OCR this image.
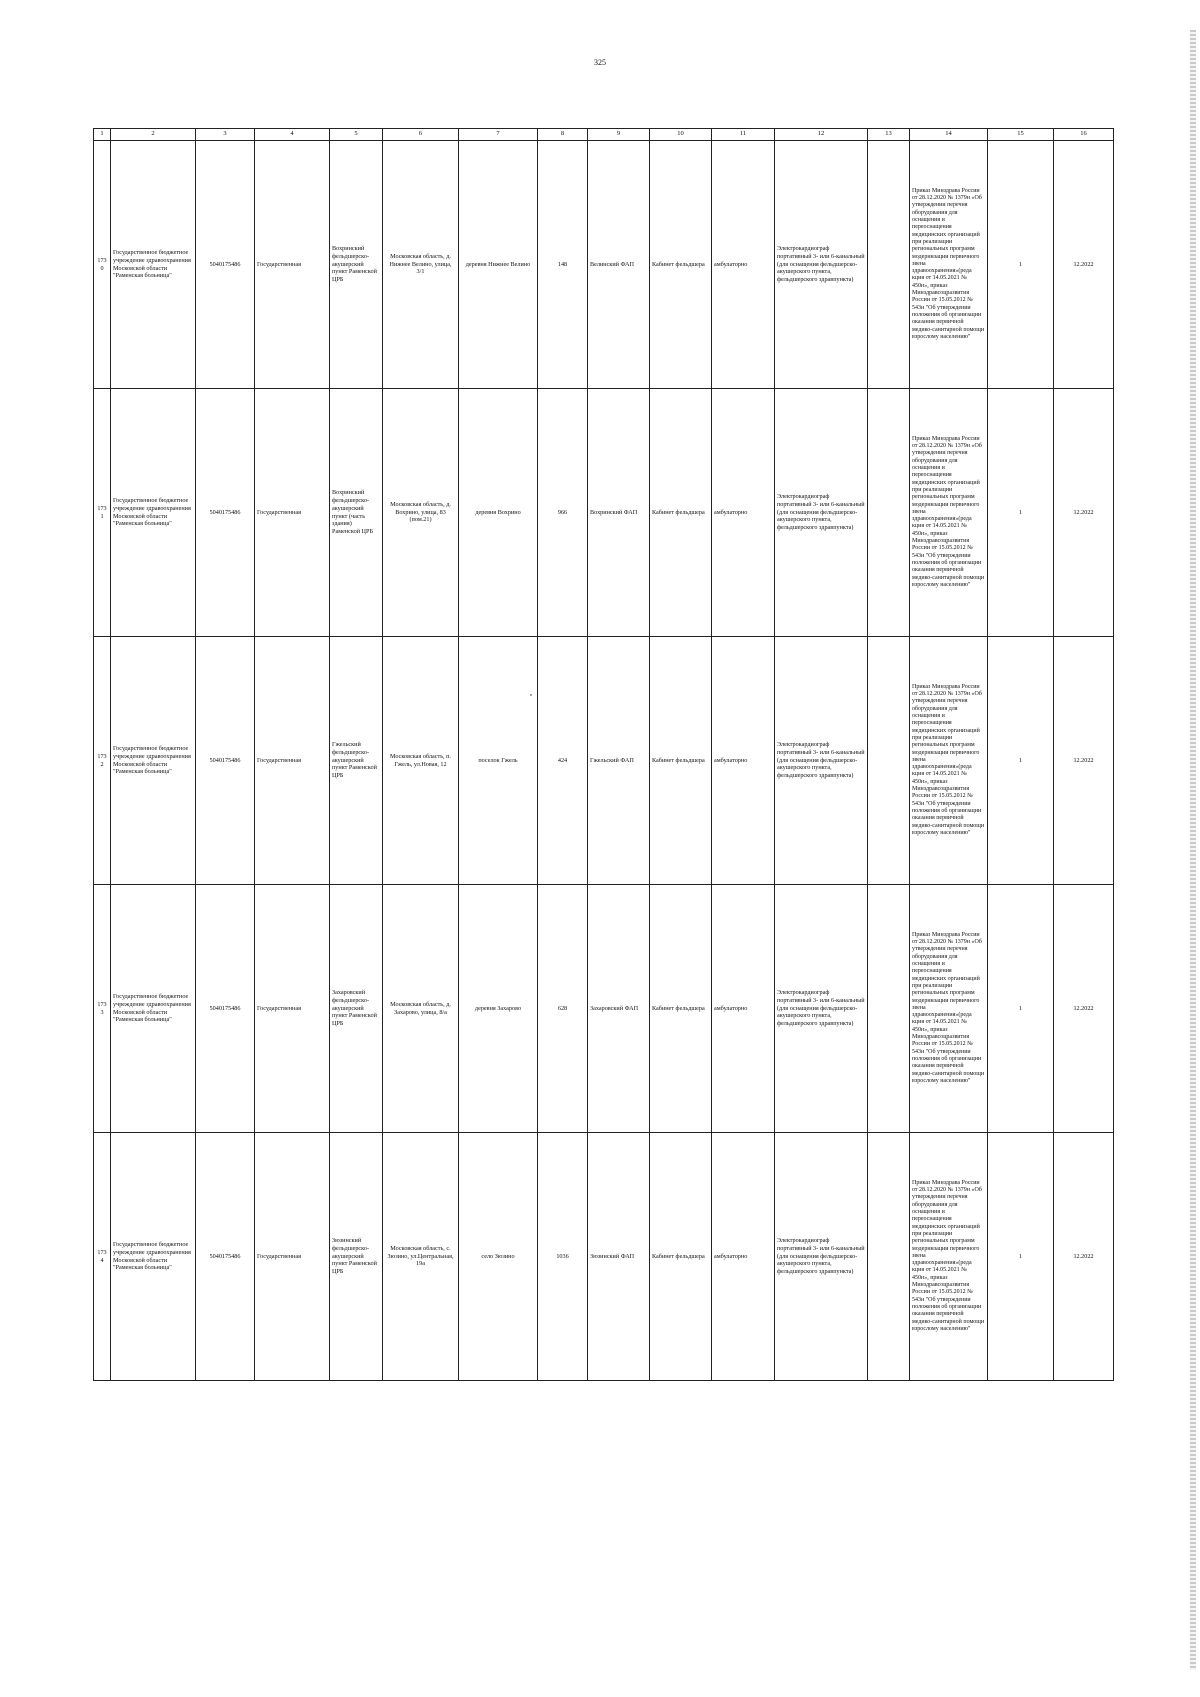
325
1	2	3	4	5	6	7	8	9	10	11	12	13	14	15	16
1730	Государственное бюджетное учреждение здравоохранения Московской области "Раменская больница"	5040175486	Государственная	Вохринский фельдшерско-акушерский пункт Раменской ЦРБ	Московская область, д. Нижнее Велино, улица, 3/1	деревня Нижнее Велино	148	Велинский ФАП	Кабинет фельдшера	амбулаторно	Электрокардиограф портативный 3- или 6-канальный (для оснащения фельдшерско-акушерского пункта, фельдшерского здравпункта)		Приказ Минздрава России от 28.12.2020 № 1379н «Об утверждении перечня оборудования для оснащения и переоснащения медицинских организаций при реализации региональных программ модернизации первичного звена здравоохранения»(реда кция от 14.05.2021 № 450н», приказ Минздравсоцразвития России от 15.05.2012 № 543н "Об утверждении положения об организации оказания первичной медико-санитарной помощи взрослому населению"	1	12.2022
1731	Государственное бюджетное учреждение здравоохранения Московской области "Раменская больница"	5040175486	Государственная	Вохринский фельдшерско-акушерский пункт (часть здания) Раменской ЦРБ	Московская область, д. Вохрино, улица, 83 (пом.21)	деревня Вохрино	966	Вохринский ФАП	Кабинет фельдшера	амбулаторно	Электрокардиограф портативный 3- или 6-канальный (для оснащения фельдшерско-акушерского пункта, фельдшерского здравпункта)		Приказ Минздрава России от 28.12.2020 № 1379н «Об утверждении перечня оборудования для оснащения и переоснащения медицинских организаций при реализации региональных программ модернизации первичного звена здравоохранения»(реда кция от 14.05.2021 № 450н», приказ Минздравсоцразвития России от 15.05.2012 № 543н "Об утверждении положения об организации оказания первичной медико-санитарной помощи взрослому населению"	1	12.2022
1732	Государственное бюджетное учреждение здравоохранения Московской области "Раменская больница"	5040175486	Государственная	Гжельский фельдшерско-акушерский пункт Раменской ЦРБ	Московская область, п. Гжель, ул.Новая, 12	поселок Гжель	424	Гжельский ФАП	Кабинет фельдшера	амбулаторно	Электрокардиограф портативный 3- или 6-канальный (для оснащения фельдшерско-акушерского пункта, фельдшерского здравпункта)		Приказ Минздрава России от 28.12.2020 № 1379н «Об утверждении перечня оборудования для оснащения и переоснащения медицинских организаций при реализации региональных программ модернизации первичного звена здравоохранения»(реда кция от 14.05.2021 № 450н», приказ Минздравсоцразвития России от 15.05.2012 № 543н "Об утверждении положения об организации оказания первичной медико-санитарной помощи взрослому населению"	1	12.2022
1733	Государственное бюджетное учреждение здравоохранения Московской области "Раменская больница"	5040175486	Государственная	Захаровский фельдшерско-акушерский пункт Раменской ЦРБ	Московская область, д. Захарово, улица, 8/а	деревня Захарово	628	Захаровский ФАП	Кабинет фельдшера	амбулаторно	Электрокардиограф портативный 3- или 6-канальный (для оснащения фельдшерско-акушерского пункта, фельдшерского здравпункта)		Приказ Минздрава России от 28.12.2020 № 1379н «Об утверждении перечня оборудования для оснащения и переоснащения медицинских организаций при реализации региональных программ модернизации первичного звена здравоохранения»(реда кция от 14.05.2021 № 450н», приказ Минздравсоцразвития России от 15.05.2012 № 543н "Об утверждении положения об организации оказания первичной медико-санитарной помощи взрослому населению"	1	12.2022
1734	Государственное бюджетное учреждение здравоохранения Московской области "Раменская больница"	5040175486	Государственная	Зюзинский фельдшерско-акушерский пункт Раменской ЦРБ	Московская область, с. Зюзино, ул.Центральная, 19а	село Зюзино	1036	Зюзинский ФАП	Кабинет фельдшера	амбулаторно	Электрокардиограф портативный 3- или 6-канальный (для оснащения фельдшерско-акушерского пункта, фельдшерского здравпункта)		Приказ Минздрава России от 28.12.2020 № 1379н «Об утверждении перечня оборудования для оснащения и переоснащения медицинских организаций при реализации региональных программ модернизации первичного звена здравоохранения»(реда кция от 14.05.2021 № 450н», приказ Минздравсоцразвития России от 15.05.2012 № 543н "Об утверждении положения об организации оказания первичной медико-санитарной помощи взрослому населению"	1	12.2022
